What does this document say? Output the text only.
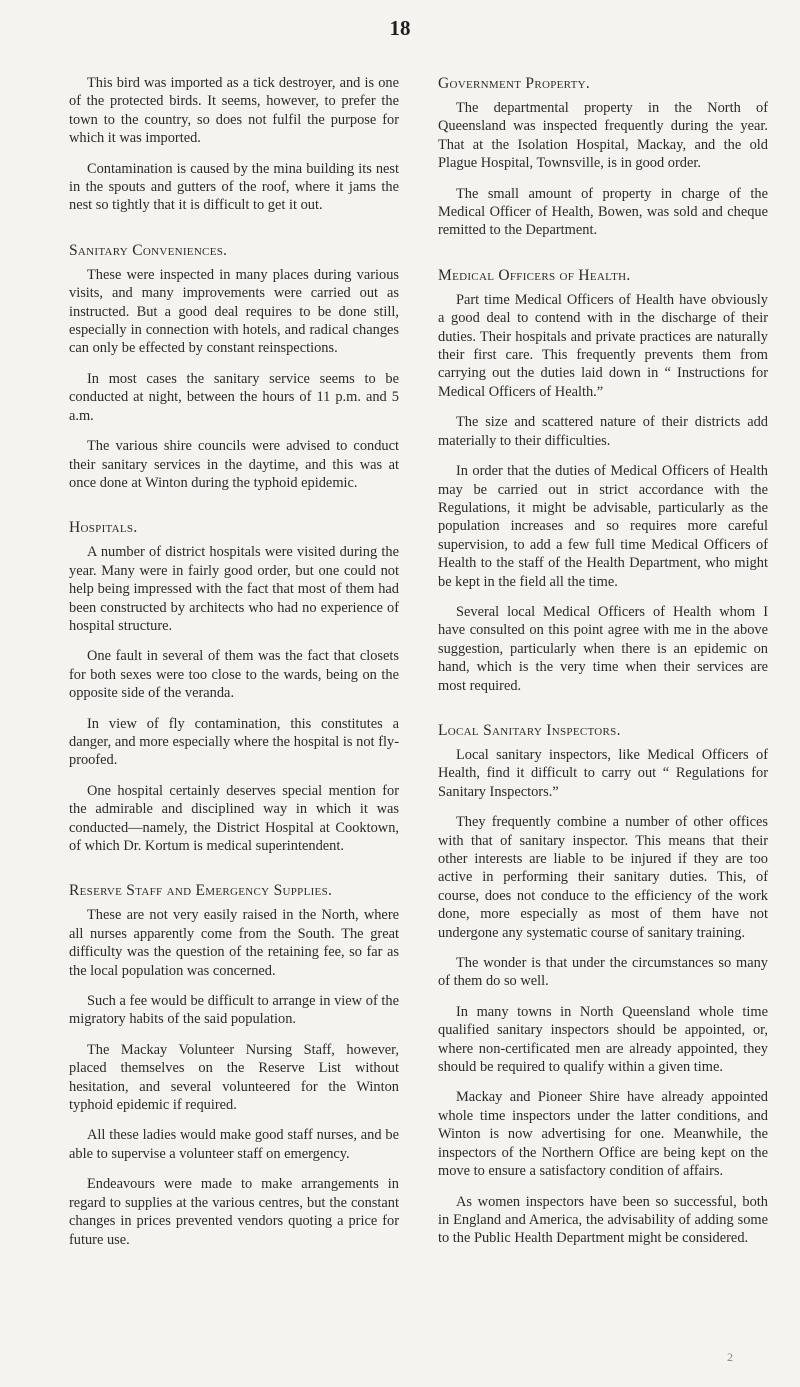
18

This bird was imported as a tick destroyer, and is one of the protected birds. It seems, however, to prefer the town to the country, so does not fulfil the purpose for which it was imported.

Contamination is caused by the mina building its nest in the spouts and gutters of the roof, where it jams the nest so tightly that it is difficult to get it out.

Sanitary Conveniences.

These were inspected in many places during various visits, and many improvements were carried out as instructed. But a good deal requires to be done still, especially in connection with hotels, and radical changes can only be effected by constant reinspections.

In most cases the sanitary service seems to be conducted at night, between the hours of 11 p.m. and 5 a.m.

The various shire councils were advised to conduct their sanitary services in the daytime, and this was at once done at Winton during the typhoid epidemic.

Hospitals.

A number of district hospitals were visited during the year. Many were in fairly good order, but one could not help being impressed with the fact that most of them had been constructed by architects who had no experience of hospital structure.

One fault in several of them was the fact that closets for both sexes were too close to the wards, being on the opposite side of the veranda.

In view of fly contamination, this constitutes a danger, and more especially where the hospital is not fly-proofed.

One hospital certainly deserves special mention for the admirable and disciplined way in which it was conducted—namely, the District Hospital at Cooktown, of which Dr. Kortum is medical superintendent.

Reserve Staff and Emergency Supplies.

These are not very easily raised in the North, where all nurses apparently come from the South. The great difficulty was the question of the retaining fee, so far as the local population was concerned.

Such a fee would be difficult to arrange in view of the migratory habits of the said population.

The Mackay Volunteer Nursing Staff, however, placed themselves on the Reserve List without hesitation, and several volunteered for the Winton typhoid epidemic if required.

All these ladies would make good staff nurses, and be able to supervise a volunteer staff on emergency.

Endeavours were made to make arrangements in regard to supplies at the various centres, but the constant changes in prices prevented vendors quoting a price for future use.

Government Property.

The departmental property in the North of Queensland was inspected frequently during the year. That at the Isolation Hospital, Mackay, and the old Plague Hospital, Townsville, is in good order.

The small amount of property in charge of the Medical Officer of Health, Bowen, was sold and cheque remitted to the Department.

Medical Officers of Health.

Part time Medical Officers of Health have obviously a good deal to contend with in the discharge of their duties. Their hospitals and private practices are naturally their first care. This frequently prevents them from carrying out the duties laid down in “ Instructions for Medical Officers of Health.”

The size and scattered nature of their districts add materially to their difficulties.

In order that the duties of Medical Officers of Health may be carried out in strict accordance with the Regulations, it might be advisable, particularly as the population increases and so requires more careful supervision, to add a few full time Medical Officers of Health to the staff of the Health Department, who might be kept in the field all the time.

Several local Medical Officers of Health whom I have consulted on this point agree with me in the above suggestion, particularly when there is an epidemic on hand, which is the very time when their services are most required.

Local Sanitary Inspectors.

Local sanitary inspectors, like Medical Officers of Health, find it difficult to carry out “ Regulations for Sanitary Inspectors.”

They frequently combine a number of other offices with that of sanitary inspector. This means that their other interests are liable to be injured if they are too active in performing their sanitary duties. This, of course, does not conduce to the efficiency of the work done, more especially as most of them have not undergone any systematic course of sanitary training.

The wonder is that under the circumstances so many of them do so well.

In many towns in North Queensland whole time qualified sanitary inspectors should be appointed, or, where non-certificated men are already appointed, they should be required to qualify within a given time.

Mackay and Pioneer Shire have already appointed whole time inspectors under the latter conditions, and Winton is now advertising for one. Meanwhile, the inspectors of the Northern Office are being kept on the move to ensure a satisfactory condition of affairs.

As women inspectors have been so successful, both in England and America, the advisability of adding some to the Public Health Department might be considered.

2
